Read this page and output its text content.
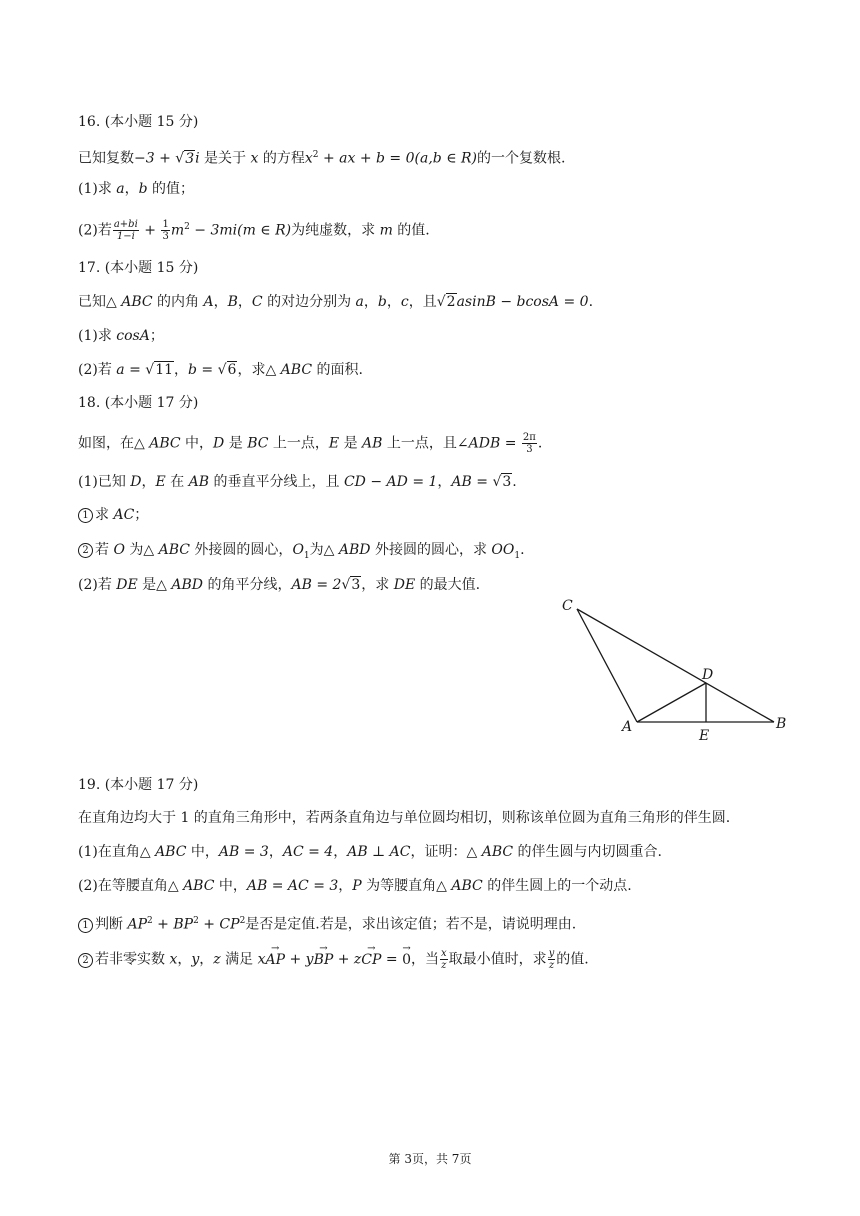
16. (本小题 15 分)
已知复数−3 + √3i 是关于 x 的方程$x^2$ + ax + b = 0(a,b ∈ R)的一个复数根.
(1)求 a，b 的值；
(2)若 $\frac{a+bi}{1-i} + \frac{1}{3} m^2 - 3mi(m$ ∈ R)为纯虚数，求 m 的值.
17. (本小题 15 分)
已知△ ABC 的内角 A，B，C 的对边分别为 a，b，c，且√2asinB − bcosA = 0.
(1)求 cosA；
(2)若 a = √11，b = √6，求△ ABC 的面积.
18. (本小题 17 分)
如图，在△ ABC 中，D 是 BC 上一点，E 是 AB 上一点，且∠ADB = $\frac{2\pi}{3}$ .
(1)已知 D，E 在 AB 的垂直平分线上，且 CD − AD = 1，AB = √3.
1 求 AC；
2 若 O 为△ ABC 外接圆的圆心，$O_1$为△ ABD 外接圆的圆心，求 $OO_1$.
(2)若 DE 是△ ABD 的角平分线，AB = 2√3，求 DE 的最大值.
C
D
A
E
B
19. (本小题 17 分)
在直角边均大于 1 的直角三角形中，若两条直角边与单位圆均相切，则称该单位圆为直角三角形的伴生圆.
(1)在直角△ ABC 中，AB = 3，AC = 4，AB ⊥ AC，证明：△ ABC 的伴生圆与内切圆重合.
(2)在等腰直角△ ABC 中，AB = AC = 3，P 为等腰直角△ ABC 的伴生圆上的一个动点.
1 判断 $AP^2 + BP^2 + CP^2$是否是定值.若是，求出该定值；若不是，请说明理由.
2 若非零实数 x，y，z 满足 x→ AP + y→ BP + z→ CP = → 0，当 $\frac{x}{z}$ 取最小值时，求 $\frac{y}{z}$ 的值.
第 3页，共 7页
